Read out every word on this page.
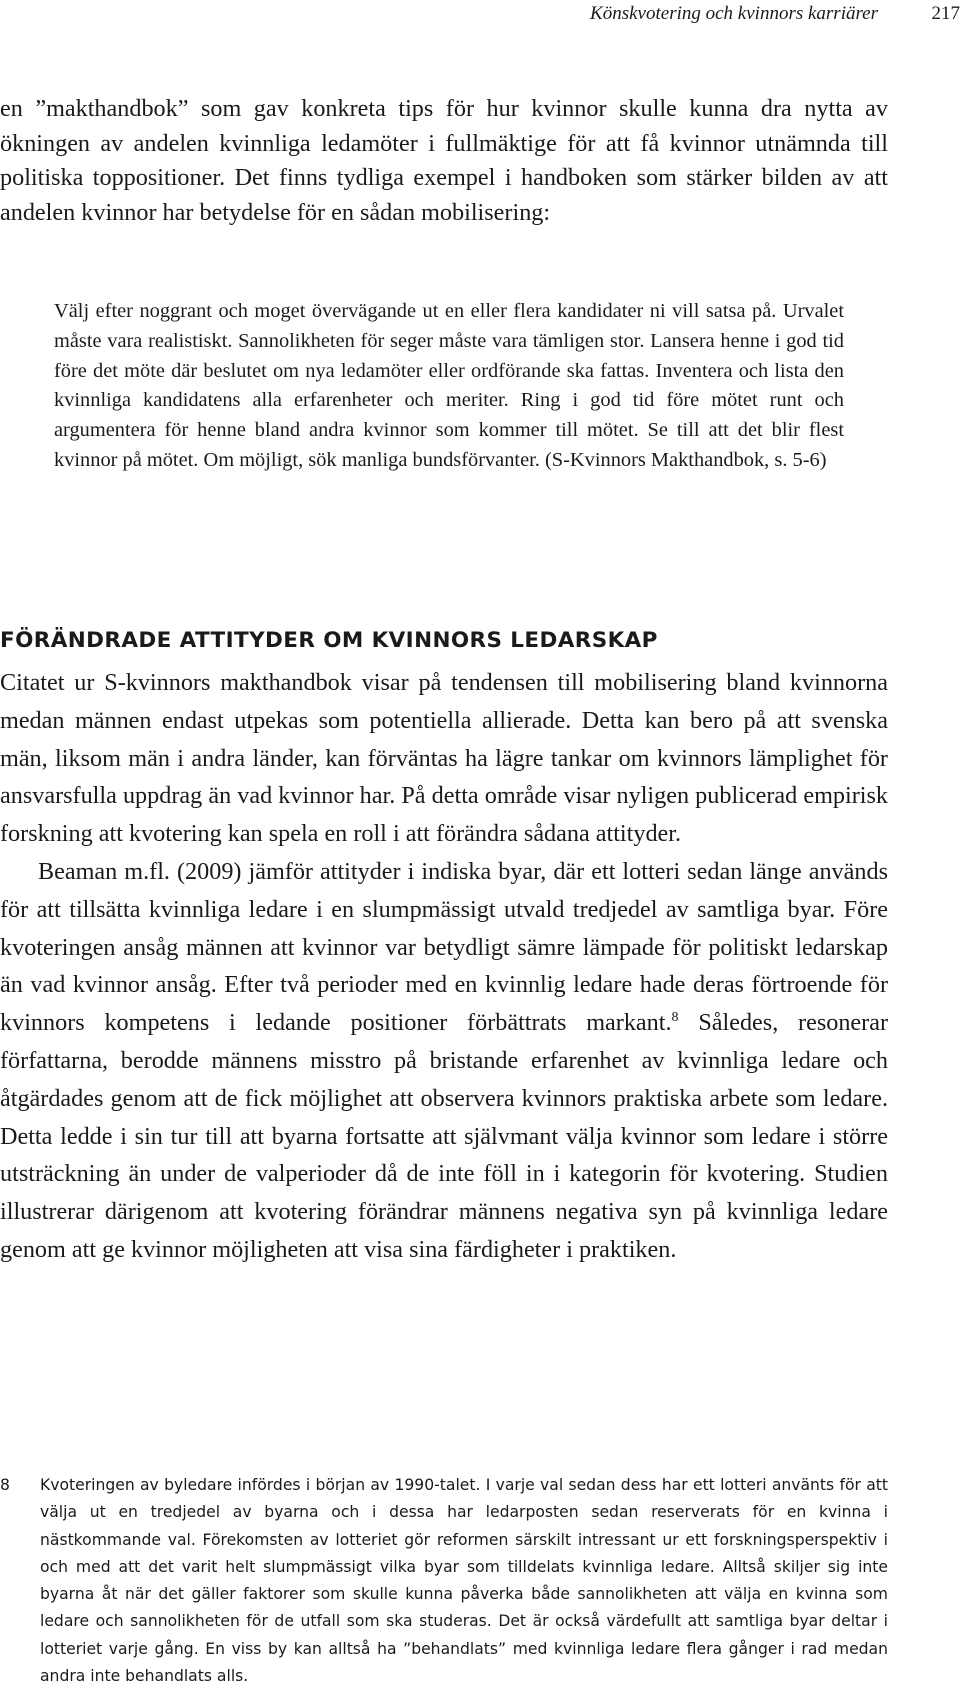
Könskvotering och kvinnors karriärer	217

en ”makthandbok” som gav konkreta tips för hur kvinnor skulle kunna dra nytta av ökningen av andelen kvinnliga ledamöter i fullmäktige för att få kvinnor utnämnda till politiska toppositioner. Det finns tydliga exempel i handboken som stärker bilden av att andelen kvinnor har betydelse för en sådan mobilisering:

Välj efter noggrant och moget övervägande ut en eller flera kandidater ni vill satsa på. Urvalet måste vara realistiskt. Sannolikheten för seger måste vara tämligen stor. Lansera henne i god tid före det möte där beslutet om nya ledamöter eller ordförande ska fattas. Inventera och lista den kvinnliga kandidatens alla erfarenheter och meriter. Ring i god tid före mötet runt och argumentera för henne bland andra kvinnor som kommer till mötet. Se till att det blir flest kvinnor på mötet. Om möjligt, sök manliga bundsförvanter. (S-Kvinnors Makthandbok, s. 5-6)

FÖRÄNDRADE ATTITYDER OM KVINNORS LEDARSKAP

Citatet ur S-kvinnors makthandbok visar på tendensen till mobilisering bland kvinnorna medan männen endast utpekas som potentiella allierade. Detta kan bero på att svenska män, liksom män i andra länder, kan förväntas ha lägre tankar om kvinnors lämplighet för ansvarsfulla uppdrag än vad kvinnor har. På detta område visar nyligen publicerad empirisk forskning att kvotering kan spela en roll i att förändra sådana attityder.

Beaman m.fl. (2009) jämför attityder i indiska byar, där ett lotteri sedan länge används för att tillsätta kvinnliga ledare i en slumpmässigt utvald tredjedel av samtliga byar. Före kvoteringen ansåg männen att kvinnor var betydligt sämre lämpade för politiskt ledarskap än vad kvinnor ansåg. Efter två perioder med en kvinnlig ledare hade deras förtroende för kvinnors kompetens i ledande positioner förbättrats markant.$^8$ Således, resonerar författarna, berodde männens misstro på bristande erfarenhet av kvinnliga ledare och åtgärdades genom att de fick möjlighet att observera kvinnors praktiska arbete som ledare. Detta ledde i sin tur till att byarna fortsatte att självmant välja kvinnor som ledare i större utsträckning än under de valperioder då de inte föll in i kategorin för kvotering. Studien illustrerar därigenom att kvotering förändrar männens negativa syn på kvinnliga ledare genom att ge kvinnor möjligheten att visa sina färdigheter i praktiken.

8 Kvoteringen av byledare infördes i början av 1990-talet. I varje val sedan dess har ett lotteri använts för att välja ut en tredjedel av byarna och i dessa har ledarposten sedan reserverats för en kvinna i nästkommande val. Förekomsten av lotteriet gör reformen särskilt intressant ur ett forskningsperspektiv i och med att det varit helt slumpmässigt vilka byar som tilldelats kvinnliga ledare. Alltså skiljer sig inte byarna åt när det gäller faktorer som skulle kunna påverka både sannolikheten att välja en kvinna som ledare och sannolikheten för de utfall som ska studeras. Det är också värdefullt att samtliga byar deltar i lotteriet varje gång. En viss by kan alltså ha ”behandlats” med kvinnliga ledare flera gånger i rad medan andra inte behandlats alls.
